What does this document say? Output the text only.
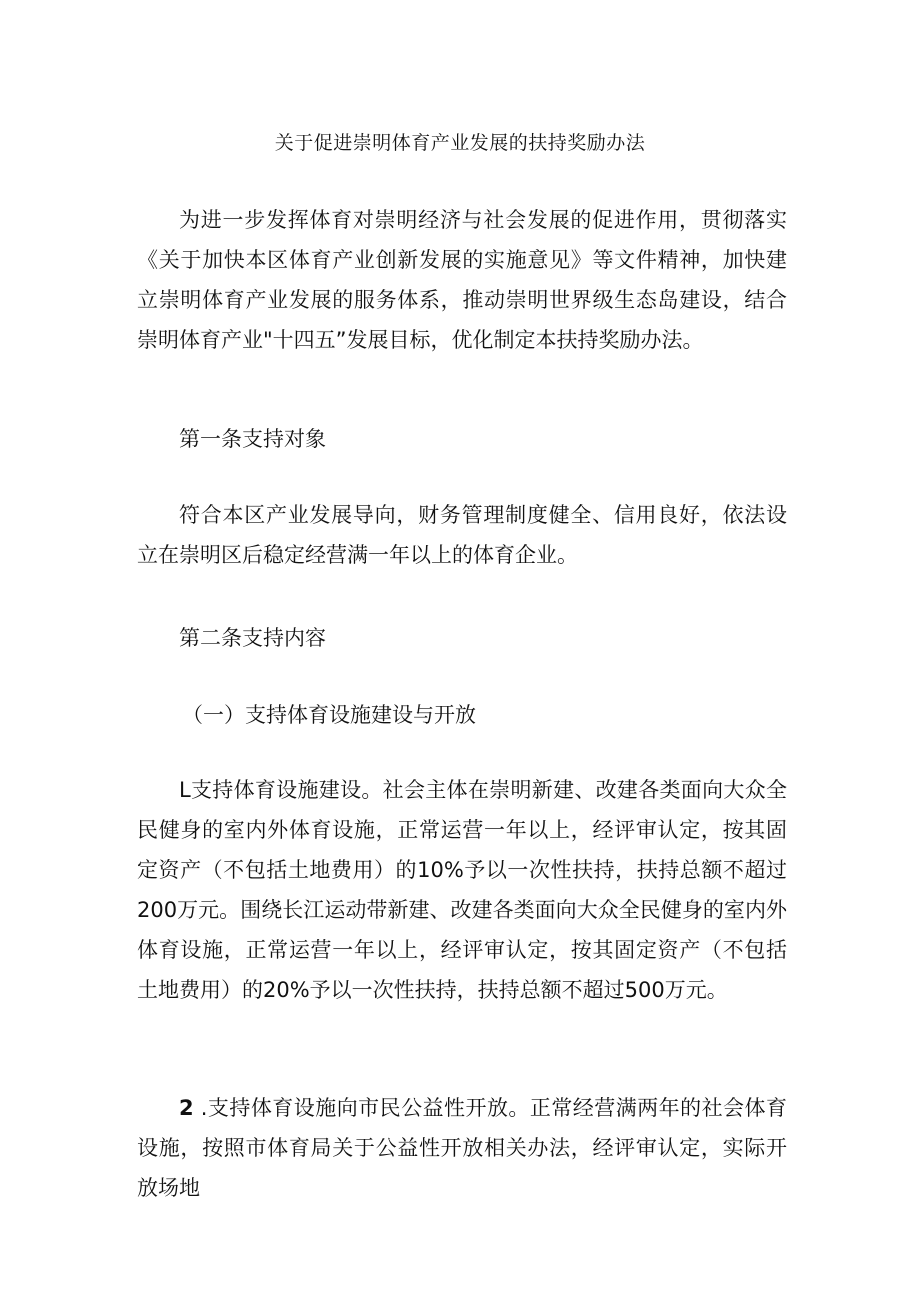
关于促进崇明体育产业发展的扶持奖励办法

为进一步发挥体育对崇明经济与社会发展的促进作用，贯彻落实《关于加快本区体育产业创新发展的实施意见》等文件精神，加快建立崇明体育产业发展的服务体系，推动崇明世界级生态岛建设，结合崇明体育产业"十四五”发展目标，优化制定本扶持奖励办法。

第一条支持对象

符合本区产业发展导向，财务管理制度健全、信用良好，依法设立在崇明区后稳定经营满一年以上的体育企业。

第二条支持内容

（一）支持体育设施建设与开放

L支持体育设施建设。社会主体在崇明新建、改建各类面向大众全民健身的室内外体育设施，正常运营一年以上，经评审认定，按其固定资产（不包括土地费用）的10%予以一次性扶持，扶持总额不超过200万元。围绕长江运动带新建、改建各类面向大众全民健身的室内外体育设施，正常运营一年以上，经评审认定，按其固定资产（不包括土地费用）的20%予以一次性扶持，扶持总额不超过500万元。

2 .支持体育设施向市民公益性开放。正常经营满两年的社会体育设施，按照市体育局关于公益性开放相关办法，经评审认定，实际开放场地
